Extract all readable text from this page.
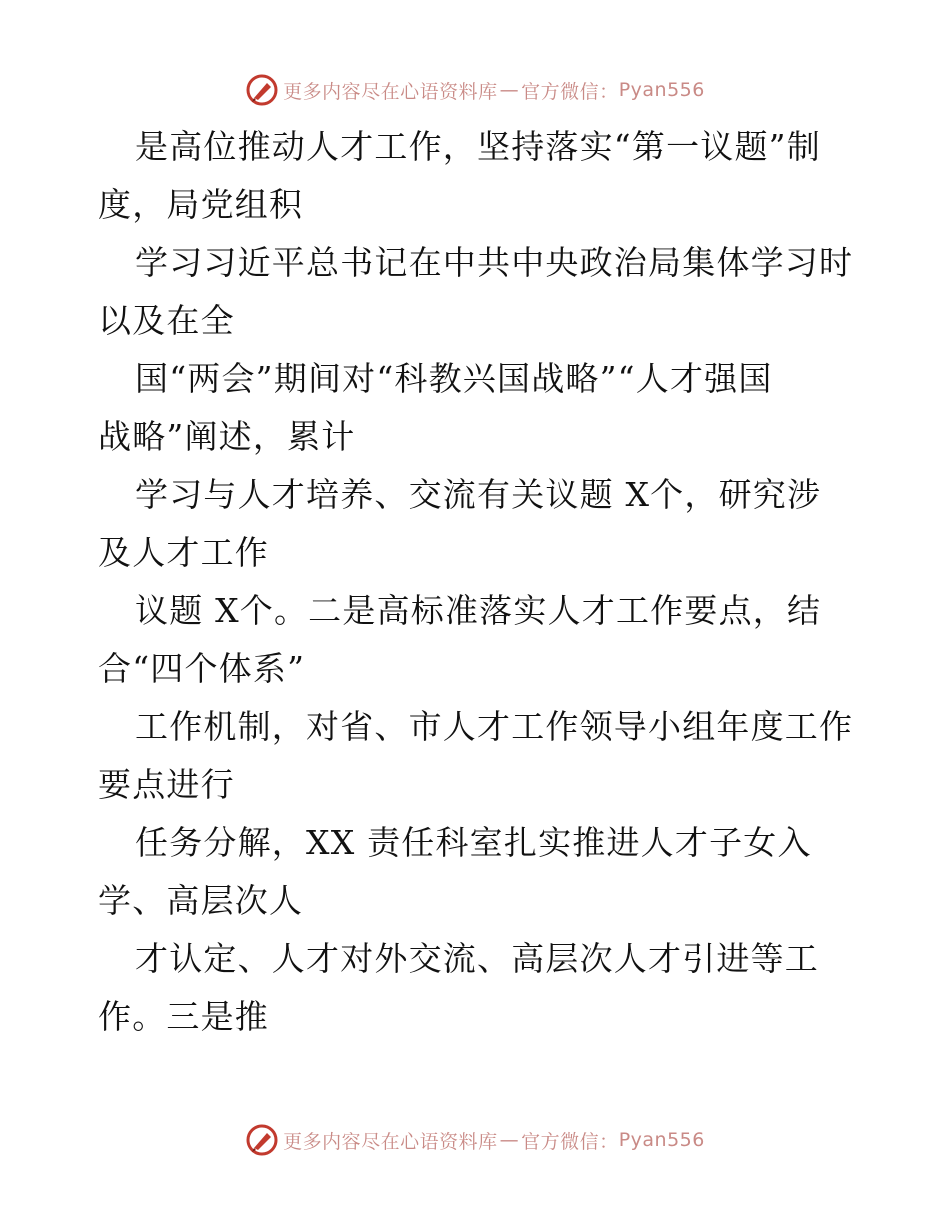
更多内容尽在心语资料库 — 官方微信： Pyan556
是高位推动人才工作，坚持落实“第一议题”制
度，局党组积
学习习近平总书记在中共中央政治局集体学习时
以及在全
国“两会”期间对“科教兴国战略”“人才强国
战略”阐述，累计
学习与人才培养、交流有关议题 X个，研究涉
及人才工作
议题 X个。二是高标准落实人才工作要点，结
合“四个体系”
工作机制，对省、市人才工作领导小组年度工作
要点进行
任务分解，XX 责任科室扎实推进人才子女入
学、高层次人
才认定、人才对外交流、高层次人才引进等工
作。三是推
更多内容尽在心语资料库 — 官方微信： Pyan556
